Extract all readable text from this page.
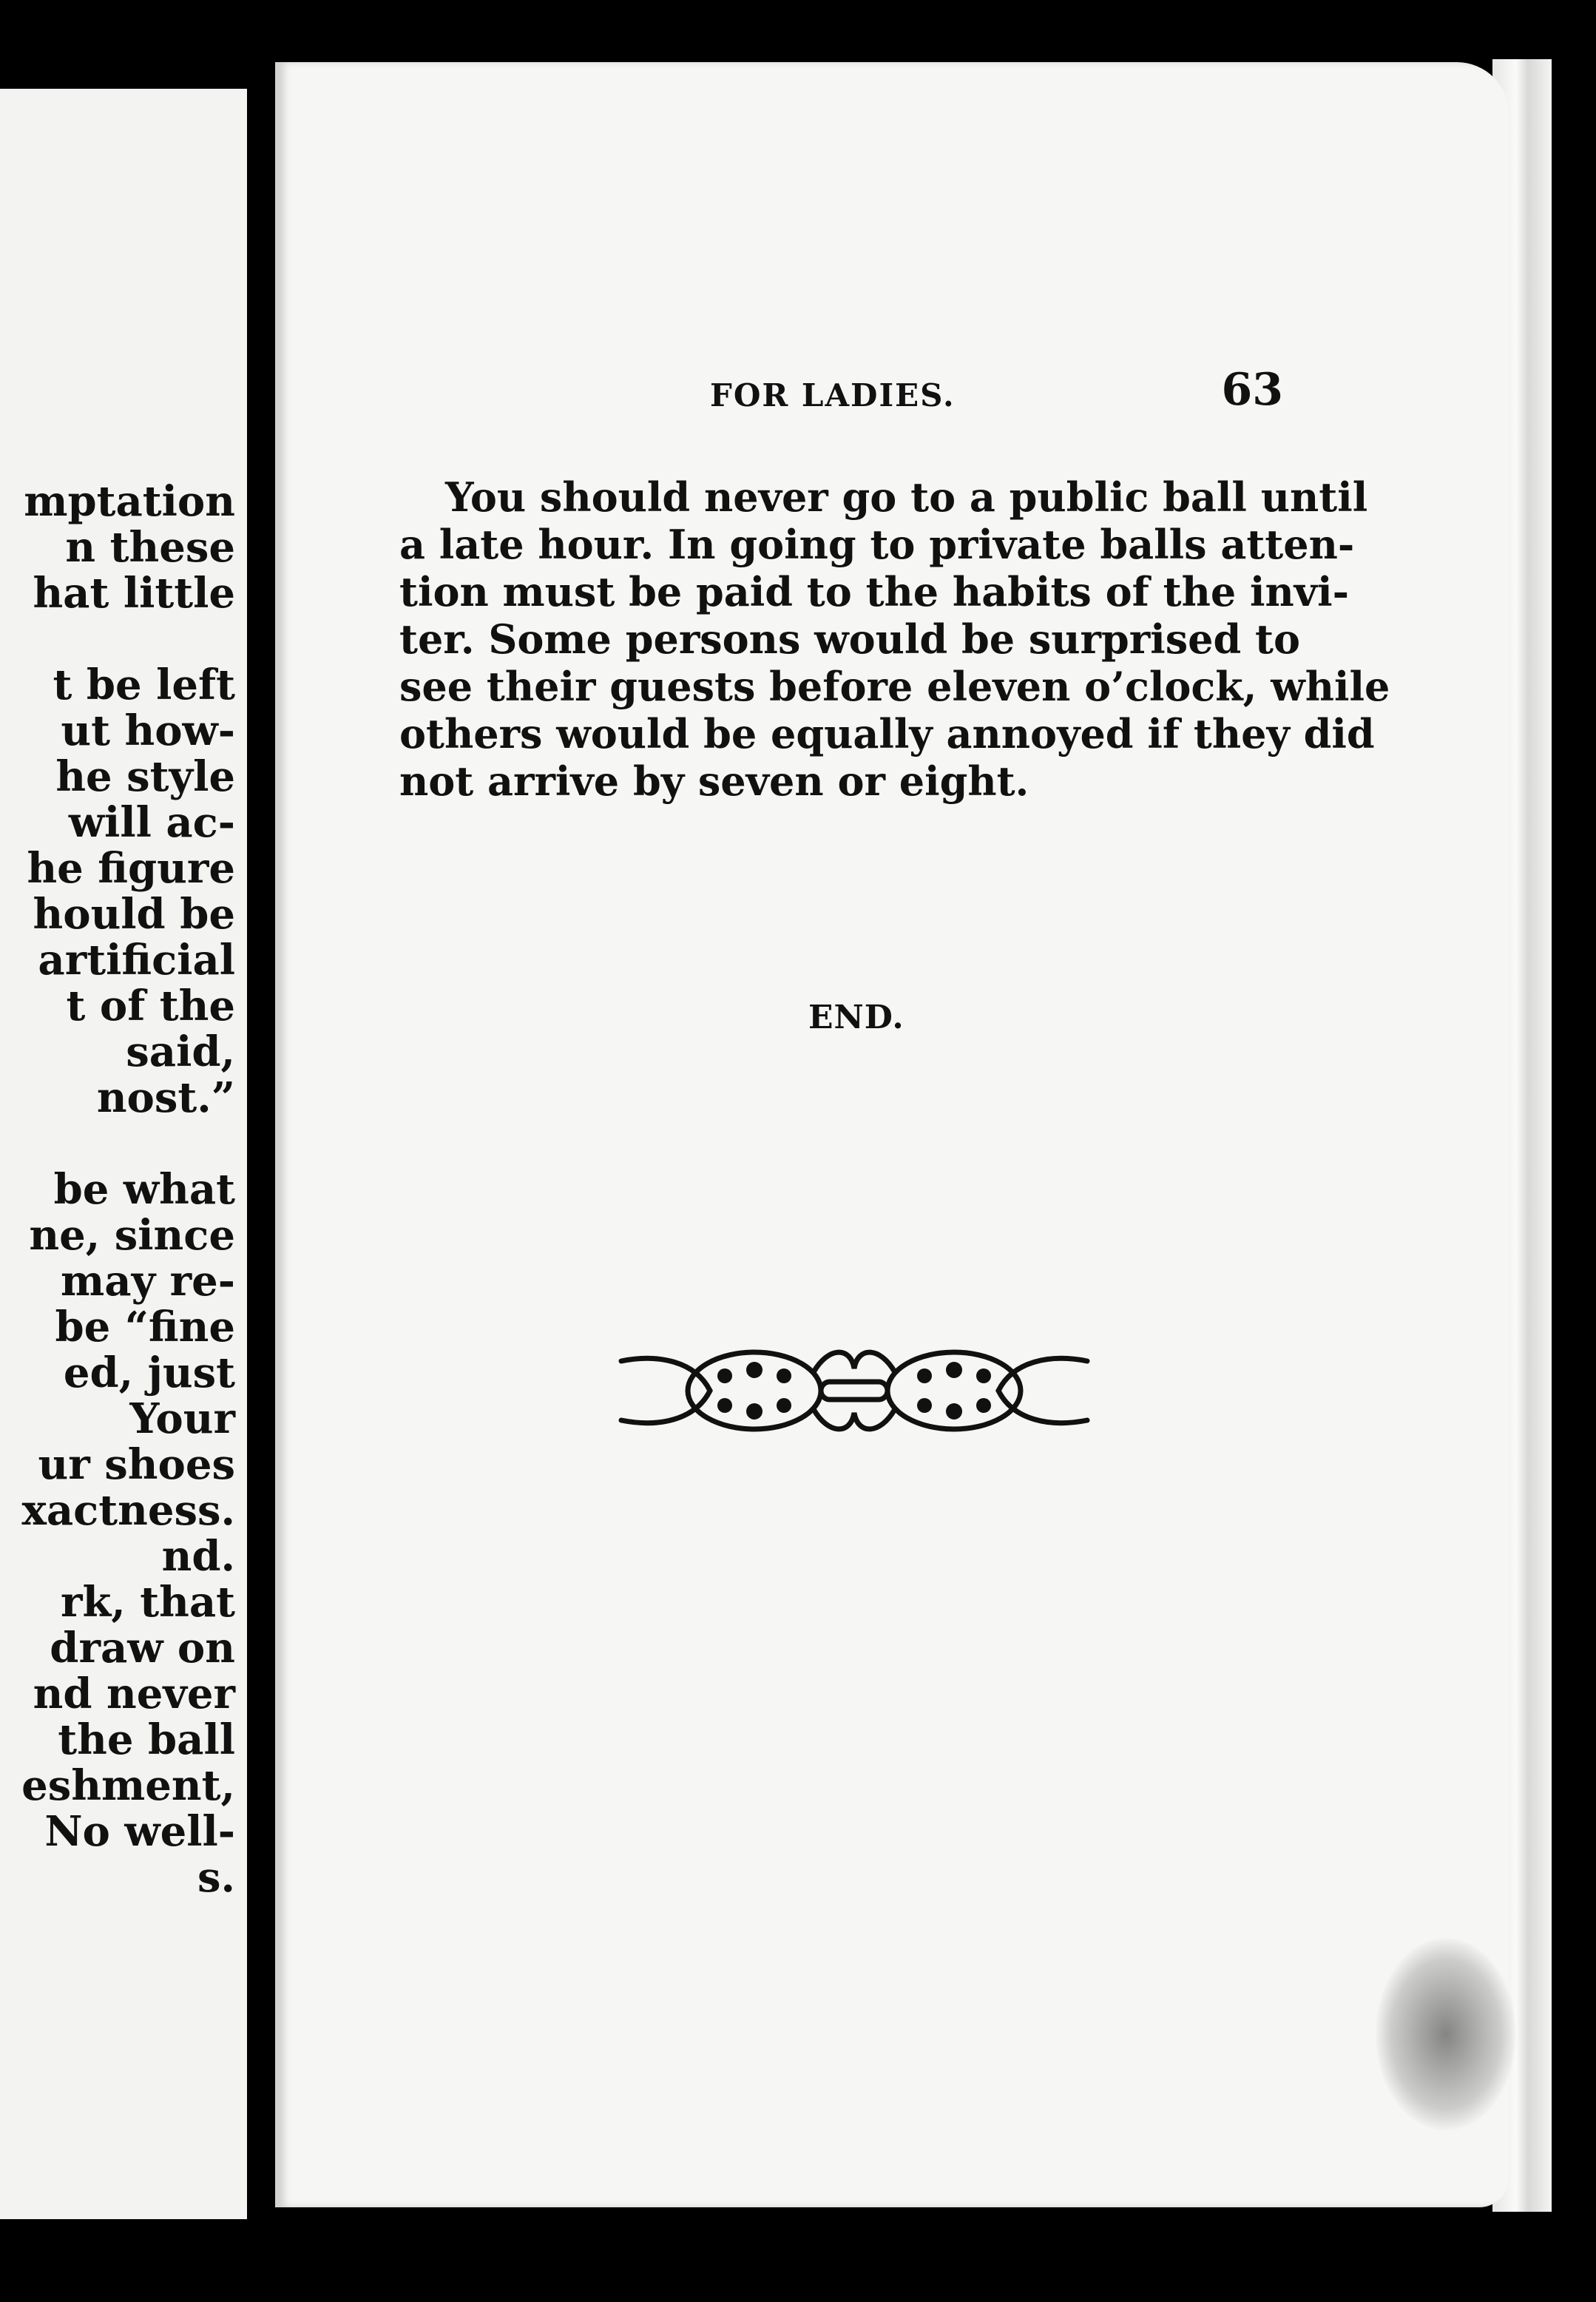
mptation
n these
hat little
t be left
ut how-
he style
will ac-
he figure
hould be
artificial
t of the
said,
nost.”
be what
ne, since
may re-
be “fine
ed, just
Your
ur shoes
xactness.
nd.
rk, that
draw on
nd never
the ball
eshment,
No well-
s.
FOR LADIES.	63
You should never go to a public ball until
a late hour. In going to private balls atten-
tion must be paid to the habits of the invi-
ter. Some persons would be surprised to
see their guests before eleven o’clock, while
others would be equally annoyed if they did
not arrive by seven or eight.
END.
